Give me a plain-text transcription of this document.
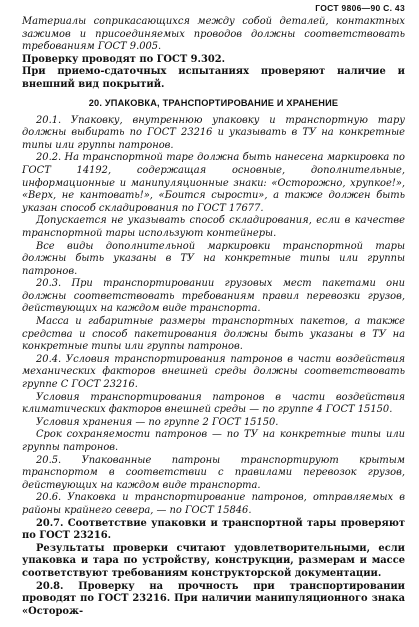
ГОСТ 9806—90 С. 43

Материалы соприкасающихся между собой деталей, контактных зажимов и присоединяемых проводов должны соответствовать требованиям ГОСТ 9.005.

Проверку проводят по ГОСТ 9.302.

При приемо-сдаточных испытаниях проверяют наличие и внешний вид покрытий.

20. УПАКОВКА, ТРАНСПОРТИРОВАНИЕ И ХРАНЕНИЕ

20.1. Упаковку, внутреннюю упаковку и транспортную тару должны выбирать по ГОСТ 23216 и указывать в ТУ на конкретные типы или группы патронов.

20.2. На транспортной таре должна быть нанесена маркировка по ГОСТ 14192, содержащая основные, дополнительные, информационные и манипуляционные знаки: «Осторожно, хрупкое!», «Верх, не кантовать!», «Боится сырости», а также должен быть указан способ складирования по ГОСТ 17677.

Допускается не указывать способ складирования, если в качестве транспортной тары используют контейнеры.

Все виды дополнительной маркировки транспортной тары должны быть указаны в ТУ на конкретные типы или группы патронов.

20.3. При транспортировании грузовых мест пакетами они должны соответствовать требованиям правил перевозки грузов, действующих на каждом виде транспорта.

Масса и габаритные размеры транспортных пакетов, а также средства и способ пакетирования должны быть указаны в ТУ на конкретные типы или группы патронов.

20.4. Условия транспортирования патронов в части воздействия механических факторов внешней среды должны соответствовать группе С ГОСТ 23216.

Условия транспортирования патронов в части воздействия климатических факторов внешней среды — по группе 4 ГОСТ 15150.

Условия хранения — по группе 2 ГОСТ 15150.

Срок сохраняемости патронов — по ТУ на конкретные типы или группы патронов.

20.5. Упакованные патроны транспортируют крытым транспортом в соответствии с правилами перевозок грузов, действующих на каждом виде транспорта.

20.6. Упаковка и транспортирование патронов, отправляемых в районы крайнего севера, — по ГОСТ 15846.

20.7. Соответствие упаковки и транспортной тары проверяют по ГОСТ 23216.

Результаты проверки считают удовлетворительными, если упаковка и тара по устройству, конструкции, размерам и массе соответствуют требованиям конструкторской документации.

20.8. Проверку на прочность при транспортировании проводят по ГОСТ 23216. При наличии манипуляционного знака «Осторож-
